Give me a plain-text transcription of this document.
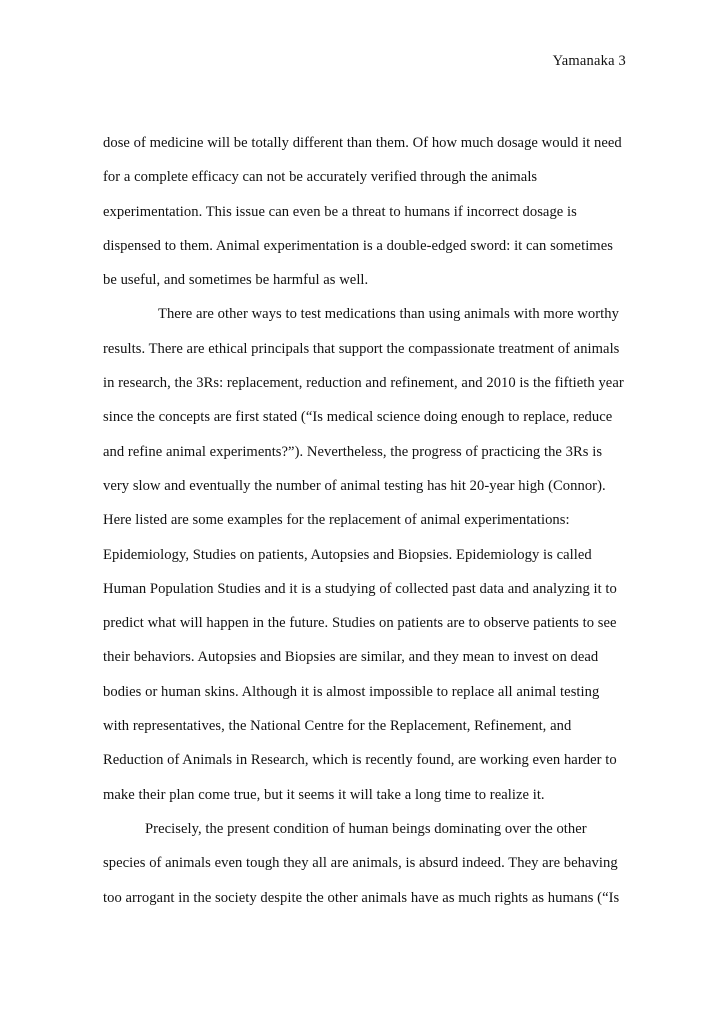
Yamanaka 3
dose of medicine will be totally different than them. Of how much dosage would it need
for a complete efficacy can not be accurately verified through the animals
experimentation. This issue can even be a threat to humans if incorrect dosage is
dispensed to them. Animal experimentation is a double-edged sword: it can sometimes
be useful, and sometimes be harmful as well.
There are other ways to test medications than using animals with more worthy
results. There are ethical principals that support the compassionate treatment of animals
in research, the 3Rs: replacement, reduction and refinement, and 2010 is the fiftieth year
since the concepts are first stated (“Is medical science doing enough to replace, reduce
and refine animal experiments?”). Nevertheless, the progress of practicing the 3Rs is
very slow and eventually the number of animal testing has hit 20-year high (Connor).
Here listed are some examples for the replacement of animal experimentations:
Epidemiology, Studies on patients, Autopsies and Biopsies. Epidemiology is called
Human Population Studies and it is a studying of collected past data and analyzing it to
predict what will happen in the future. Studies on patients are to observe patients to see
their behaviors. Autopsies and Biopsies are similar, and they mean to invest on dead
bodies or human skins. Although it is almost impossible to replace all animal testing
with representatives, the National Centre for the Replacement, Refinement, and
Reduction of Animals in Research, which is recently found, are working even harder to
make their plan come true, but it seems it will take a long time to realize it.
Precisely, the present condition of human beings dominating over the other
species of animals even tough they all are animals, is absurd indeed. They are behaving
too arrogant in the society despite the other animals have as much rights as humans (“Is
